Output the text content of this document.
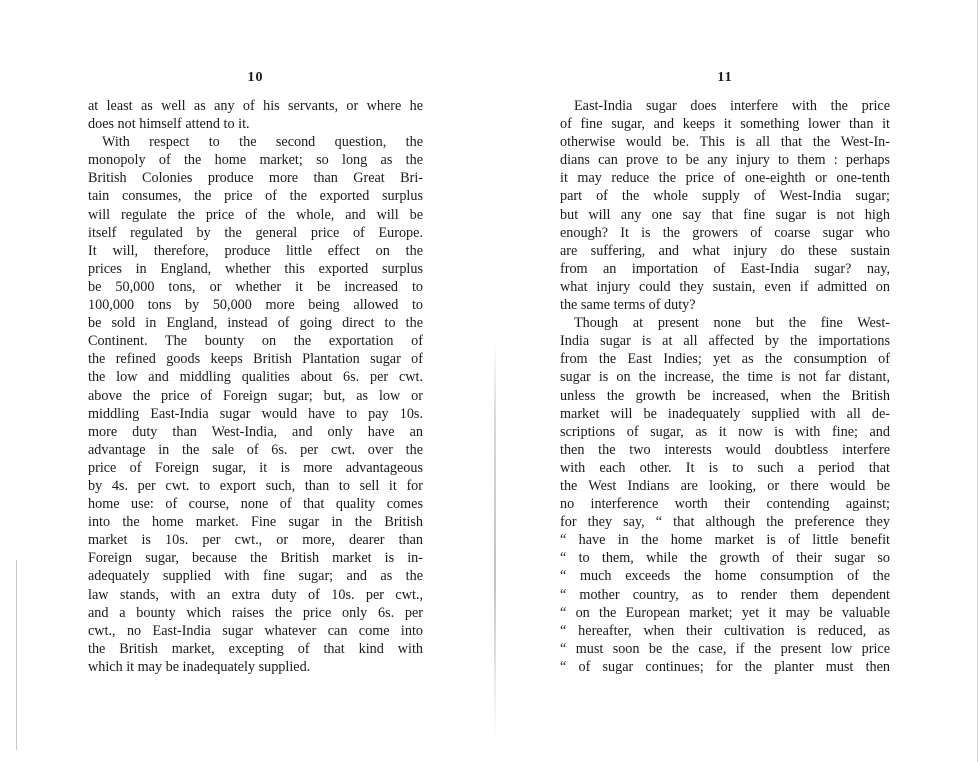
10
at least as well as any of his servants, or where he
does not himself attend to it.
With respect to the second question, the
monopoly of the home market; so long as the
British Colonies produce more than Great Bri-
tain consumes, the price of the exported surplus
will regulate the price of the whole, and will be
itself regulated by the general price of Europe.
It will, therefore, produce little effect on the
prices in England, whether this exported surplus
be 50,000 tons, or whether it be increased to
100,000 tons by 50,000 more being allowed to
be sold in England, instead of going direct to the
Continent. The bounty on the exportation of
the refined goods keeps British Plantation sugar of
the low and middling qualities about 6s. per cwt.
above the price of Foreign sugar; but, as low or
middling East-India sugar would have to pay 10s.
more duty than West-India, and only have an
advantage in the sale of 6s. per cwt. over the
price of Foreign sugar, it is more advantageous
by 4s. per cwt. to export such, than to sell it for
home use: of course, none of that quality comes
into the home market. Fine sugar in the British
market is 10s. per cwt., or more, dearer than
Foreign sugar, because the British market is in-
adequately supplied with fine sugar; and as the
law stands, with an extra duty of 10s. per cwt.,
and a bounty which raises the price only 6s. per
cwt., no East-India sugar whatever can come into
the British market, excepting of that kind with
which it may be inadequately supplied.
11
East-India sugar does interfere with the price
of fine sugar, and keeps it something lower than it
otherwise would be. This is all that the West-In-
dians can prove to be any injury to them : perhaps
it may reduce the price of one-eighth or one-tenth
part of the whole supply of West-India sugar;
but will any one say that fine sugar is not high
enough? It is the growers of coarse sugar who
are suffering, and what injury do these sustain
from an importation of East-India sugar? nay,
what injury could they sustain, even if admitted on
the same terms of duty?
Though at present none but the fine West-
India sugar is at all affected by the importations
from the East Indies; yet as the consumption of
sugar is on the increase, the time is not far distant,
unless the growth be increased, when the British
market will be inadequately supplied with all de-
scriptions of sugar, as it now is with fine; and
then the two interests would doubtless interfere
with each other. It is to such a period that
the West Indians are looking, or there would be
no interference worth their contending against;
for they say, “ that although the preference they
“ have in the home market is of little benefit
“ to them, while the growth of their sugar so
“ much exceeds the home consumption of the
“ mother country, as to render them dependent
“ on the European market; yet it may be valuable
“ hereafter, when their cultivation is reduced, as
“ must soon be the case, if the present low price
“ of sugar continues; for the planter must then
